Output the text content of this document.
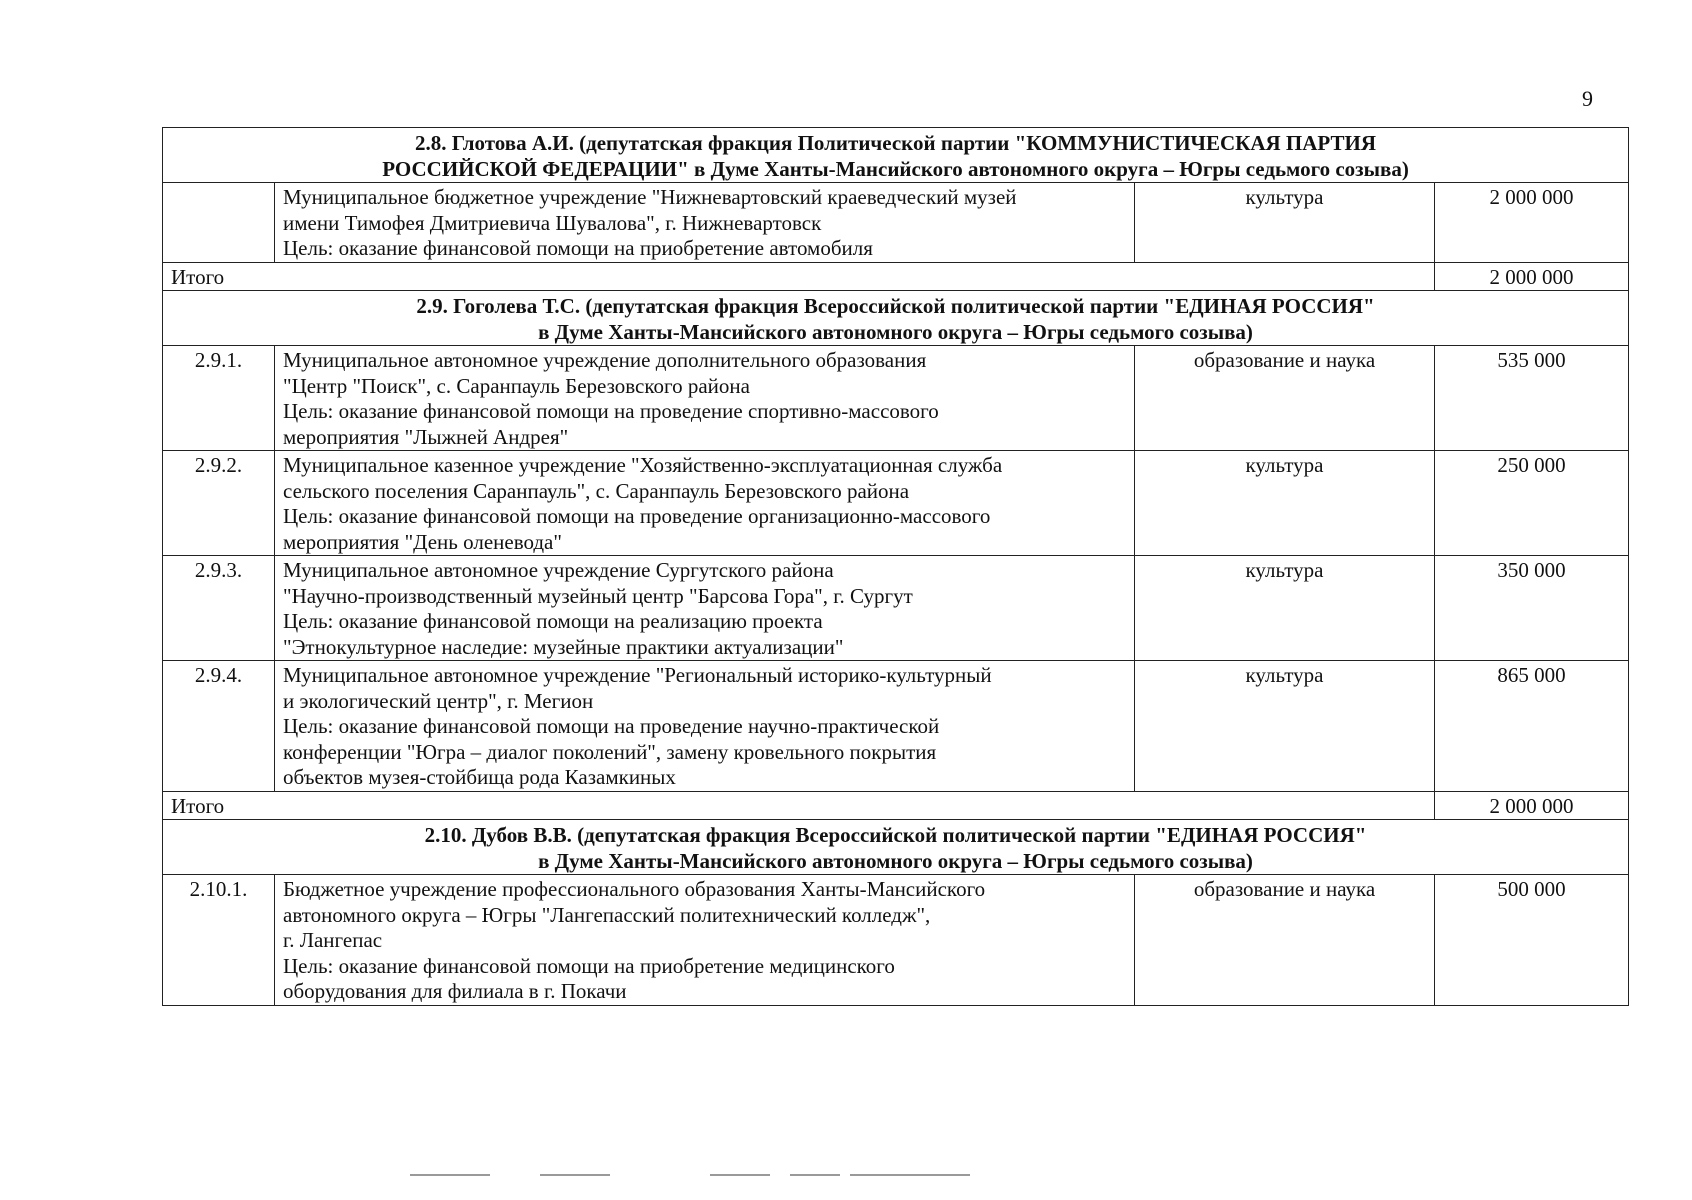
9
2.8. Глотова А.И. (депутатская фракция Политической партии "КОММУНИСТИЧЕСКАЯ ПАРТИЯ
РОССИЙСКОЙ ФЕДЕРАЦИИ" в Думе Ханты-Мансийского автономного округа – Югры седьмого созыва)			

	Муниципальное бюджетное учреждение "Нижневартовский краеведческий музей
имени Тимофея Дмитриевича Шувалова", г. Нижневартовск
Цель: оказание финансовой помощи на приобретение автомобиля	культура	2 000 000
Итого			2 000 000

2.9. Гоголева Т.С. (депутатская фракция Всероссийской политической партии "ЕДИНАЯ РОССИЯ"
в Думе Ханты-Мансийского автономного округа – Югры седьмого созыва)			

2.9.1.	Муниципальное автономное учреждение дополнительного образования
"Центр "Поиск", с. Саранпауль Березовского района
Цель: оказание финансовой помощи на проведение спортивно-массового
мероприятия "Лыжней Андрея"	образование и наука	535 000
2.9.2.	Муниципальное казенное учреждение "Хозяйственно-эксплуатационная служба
сельского поселения Саранпауль", с. Саранпауль Березовского района
Цель: оказание финансовой помощи на проведение организационно-массового
мероприятия "День оленевода"	культура	250 000
2.9.3.	Муниципальное автономное учреждение Сургутского района
"Научно-производственный музейный центр "Барсова Гора", г. Сургут
Цель: оказание финансовой помощи на реализацию проекта
"Этнокультурное наследие: музейные практики актуализации"	культура	350 000
2.9.4.	Муниципальное автономное учреждение "Региональный историко-культурный
и экологический центр", г. Мегион
Цель: оказание финансовой помощи на проведение научно-практической
конференции "Югра – диалог поколений", замену кровельного покрытия
объектов музея-стойбища рода Казамкиных	культура	865 000
Итого			2 000 000

2.10. Дубов В.В. (депутатская фракция Всероссийской политической партии "ЕДИНАЯ РОССИЯ"
в Думе Ханты-Мансийского автономного округа – Югры седьмого созыва)			

2.10.1.	Бюджетное учреждение профессионального образования Ханты-Мансийского
автономного округа – Югры "Лангепасский политехнический колледж",
г. Лангепас
Цель: оказание финансовой помощи на приобретение медицинского
оборудования для филиала в г. Покачи	образование и наука	500 000
